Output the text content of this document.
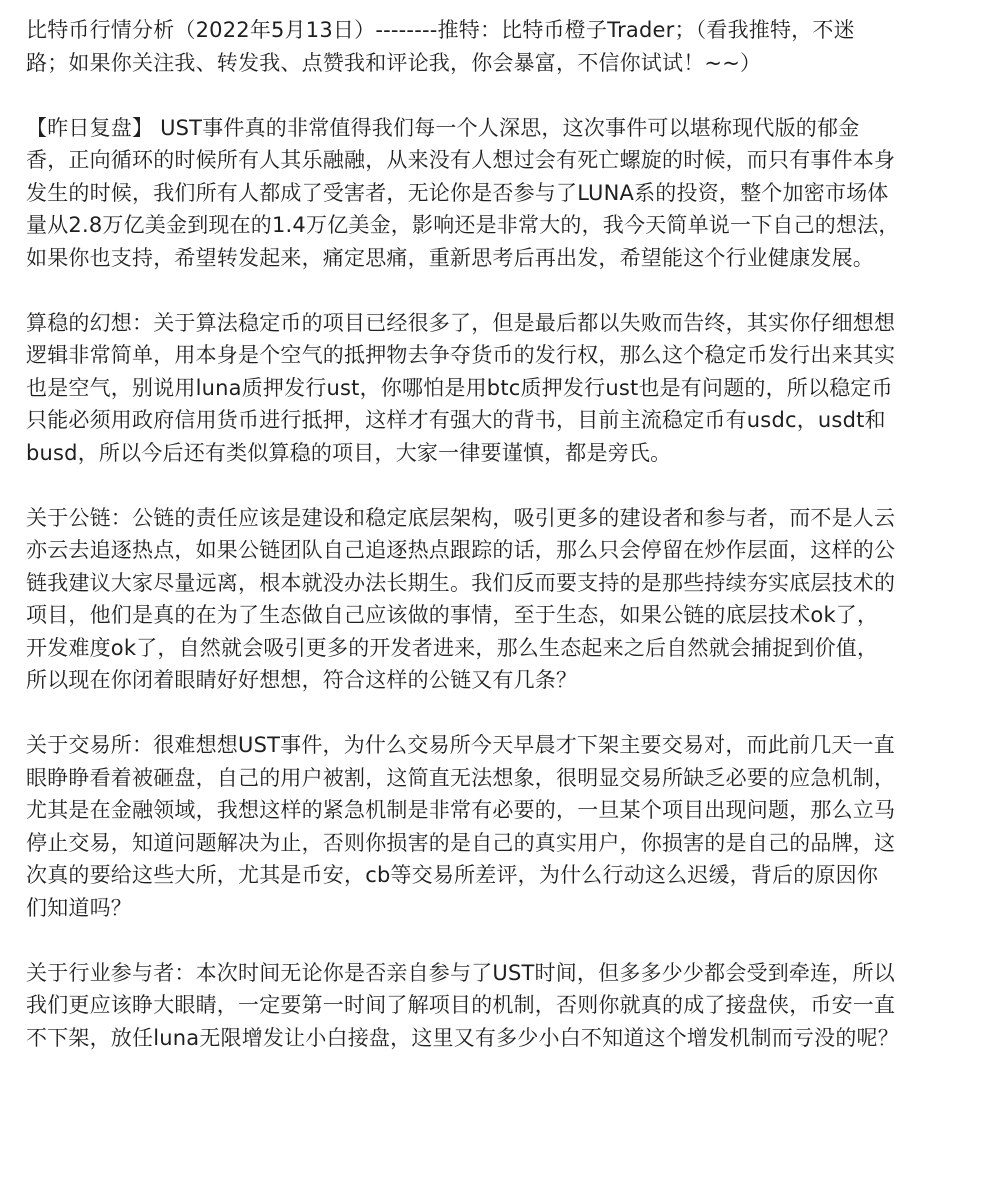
比特币行情分析（2022年5月13日）--------推特：比特币橙子Trader；（看我推特，不迷
路；如果你关注我、转发我、点赞我和评论我，你会暴富，不信你试试！~~）

【昨日复盘】 UST事件真的非常值得我们每一个人深思，这次事件可以堪称现代版的郁金
香，正向循环的时候所有人其乐融融，从来没有人想过会有死亡螺旋的时候，而只有事件本身
发生的时候，我们所有人都成了受害者，无论你是否参与了LUNA系的投资，整个加密市场体
量从2.8万亿美金到现在的1.4万亿美金，影响还是非常大的，我今天简单说一下自己的想法，
如果你也支持，希望转发起来，痛定思痛，重新思考后再出发，希望能这个行业健康发展。

算稳的幻想：关于算法稳定币的项目已经很多了，但是最后都以失败而告终，其实你仔细想想
逻辑非常简单，用本身是个空气的抵押物去争夺货币的发行权，那么这个稳定币发行出来其实
也是空气，别说用luna质押发行ust，你哪怕是用btc质押发行ust也是有问题的，所以稳定币
只能必须用政府信用货币进行抵押，这样才有强大的背书，目前主流稳定币有usdc，usdt和
busd，所以今后还有类似算稳的项目，大家一律要谨慎，都是旁氏。

关于公链：公链的责任应该是建设和稳定底层架构，吸引更多的建设者和参与者，而不是人云
亦云去追逐热点，如果公链团队自己追逐热点跟踪的话，那么只会停留在炒作层面，这样的公
链我建议大家尽量远离，根本就没办法长期生。我们反而要支持的是那些持续夯实底层技术的
项目，他们是真的在为了生态做自己应该做的事情，至于生态，如果公链的底层技术ok了，
开发难度ok了，自然就会吸引更多的开发者进来，那么生态起来之后自然就会捕捉到价值，
所以现在你闭着眼睛好好想想，符合这样的公链又有几条？

关于交易所：很难想想UST事件，为什么交易所今天早晨才下架主要交易对，而此前几天一直
眼睁睁看着被砸盘，自己的用户被割，这简直无法想象，很明显交易所缺乏必要的应急机制，
尤其是在金融领域，我想这样的紧急机制是非常有必要的，一旦某个项目出现问题，那么立马
停止交易，知道问题解决为止，否则你损害的是自己的真实用户，你损害的是自己的品牌，这
次真的要给这些大所，尤其是币安，cb等交易所差评，为什么行动这么迟缓，背后的原因你
们知道吗？

关于行业参与者：本次时间无论你是否亲自参与了UST时间，但多多少少都会受到牵连，所以
我们更应该睁大眼睛，一定要第一时间了解项目的机制，否则你就真的成了接盘侠，币安一直
不下架，放任luna无限增发让小白接盘，这里又有多少小白不知道这个增发机制而亏没的呢？
